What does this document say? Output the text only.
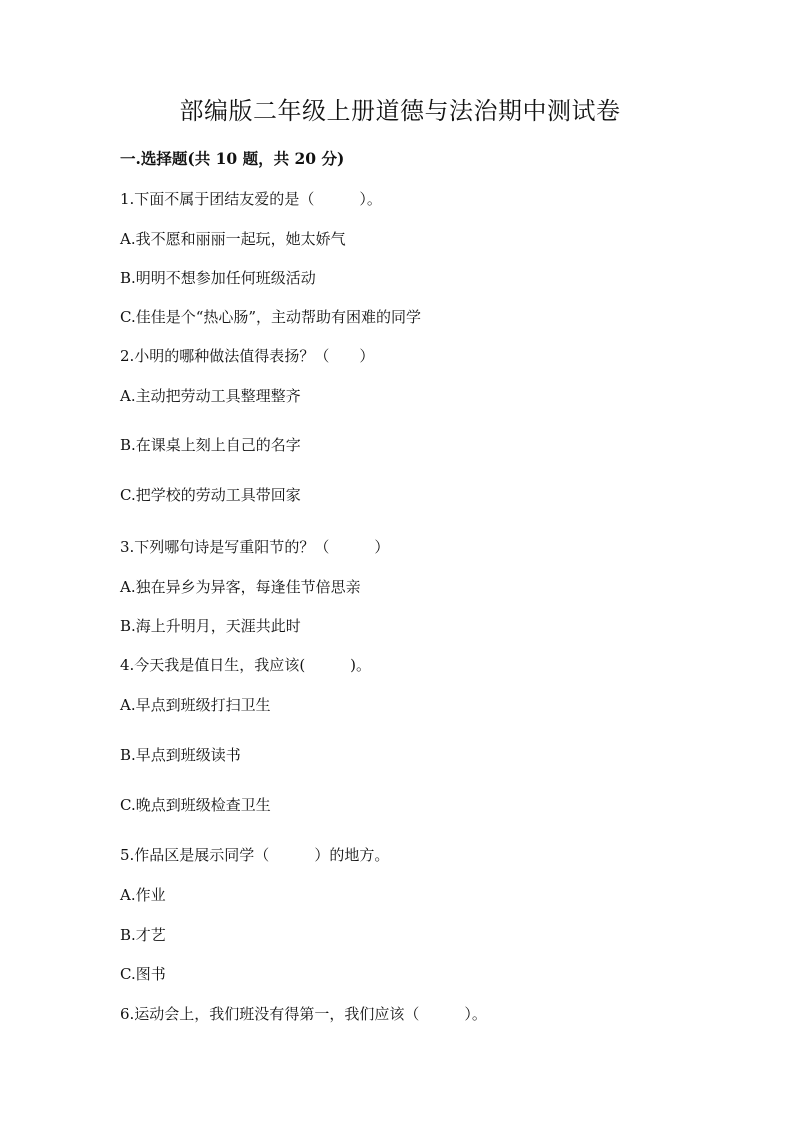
部编版二年级上册道德与法治期中测试卷
一.选择题(共 10 题，共 20 分)
1.下面不属于团结友爱的是（　　　）。
A.我不愿和丽丽一起玩，她太娇气
B.明明不想参加任何班级活动
C.佳佳是个“热心肠”，主动帮助有困难的同学
2.小明的哪种做法值得表扬？（　　）
A.主动把劳动工具整理整齐
B.在课桌上刻上自己的名字
C.把学校的劳动工具带回家
3.下列哪句诗是写重阳节的？（　　　）
A.独在异乡为异客，每逢佳节倍思亲
B.海上升明月，天涯共此时
4.今天我是值日生，我应该(　　　)。
A.早点到班级打扫卫生
B.早点到班级读书
C.晚点到班级检查卫生
5.作品区是展示同学（　　　）的地方。
A.作业
B.才艺
C.图书
6.运动会上，我们班没有得第一，我们应该（　　　）。
